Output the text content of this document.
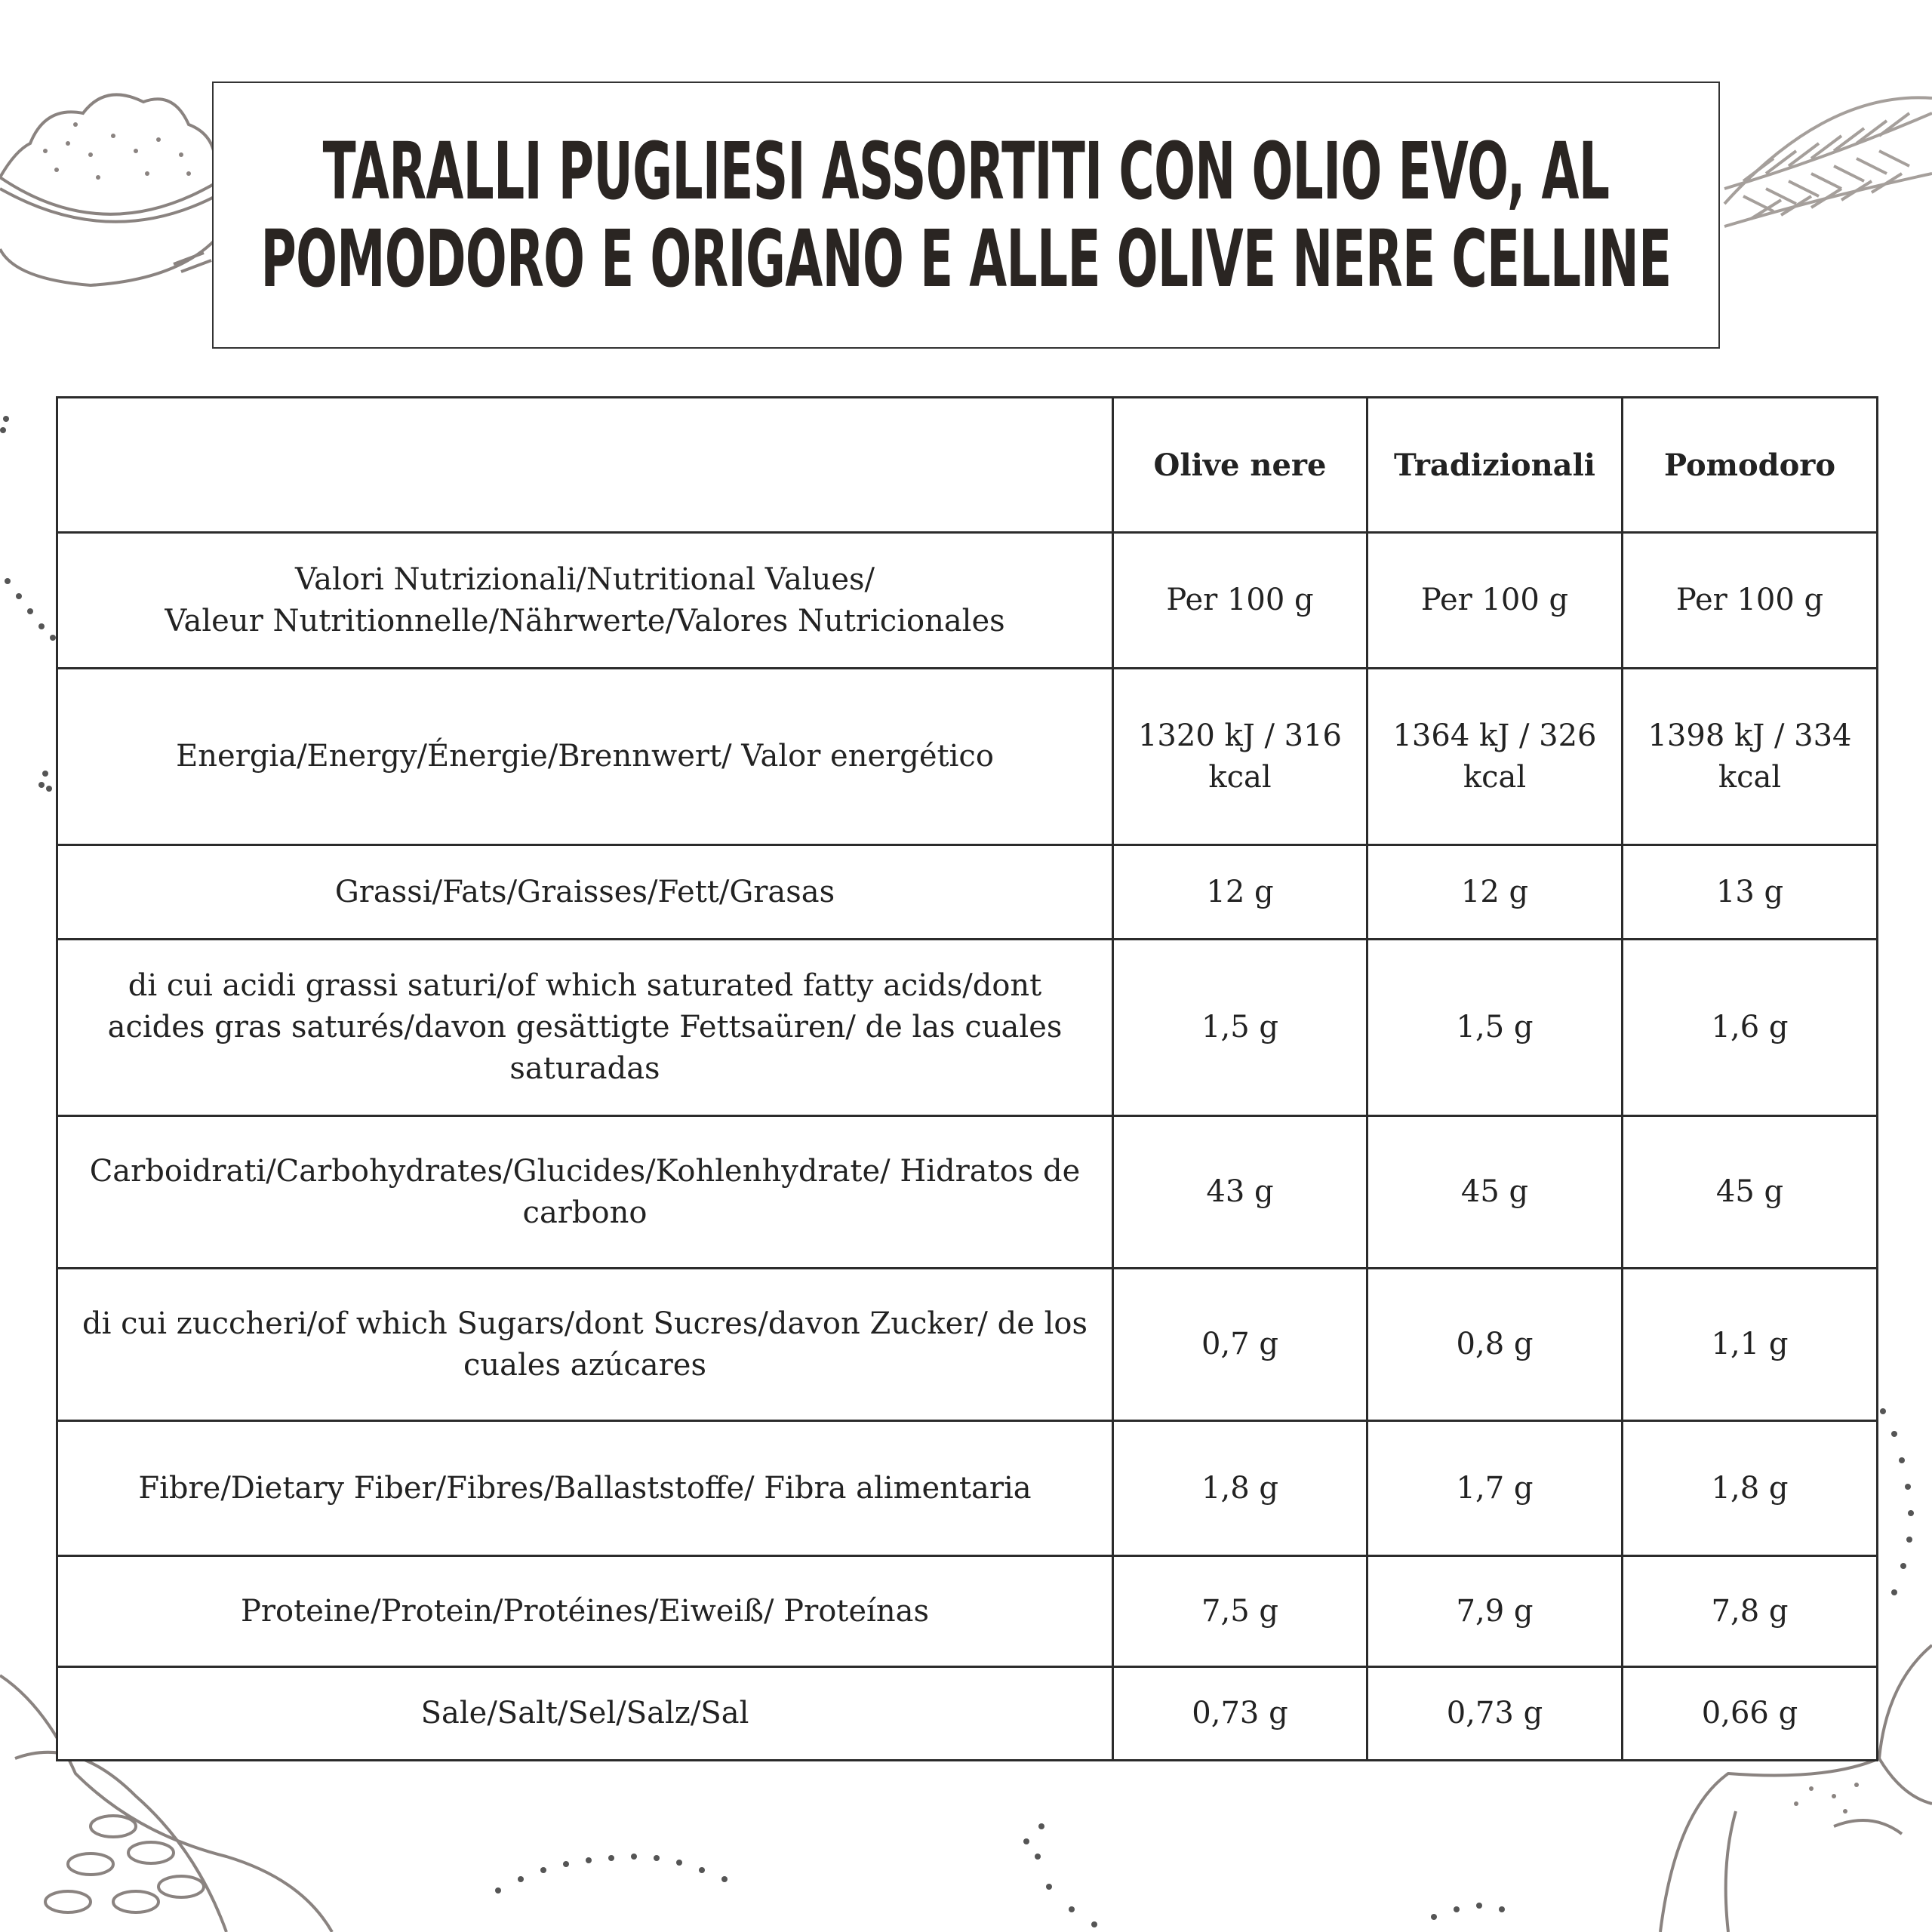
TARALLI PUGLIESI ASSORTITI CON OLIO EVO, AL
POMODORO E ORIGANO E ALLE OLIVE NERE CELLINE
	Olive nere	Tradizionali	Pomodoro
Valori Nutrizionali/Nutritional Values/
Valeur Nutritionnelle/Nährwerte/Valores Nutricionales	Per 100 g	Per 100 g	Per 100 g
Energia/Energy/Énergie/Brennwert/ Valor energético	1320 kJ / 316 kcal	1364 kJ / 326 kcal	1398 kJ / 334 kcal
Grassi/Fats/Graisses/Fett/Grasas	12 g	12 g	13 g
di cui acidi grassi saturi/of which saturated fatty acids/dont acides gras saturés/davon gesättigte Fettsaüren/ de las cuales saturadas	1,5 g	1,5 g	1,6 g
Carboidrati/Carbohydrates/Glucides/Kohlenhydrate/ Hidratos de carbono	43 g	45 g	45 g
di cui zuccheri/of which Sugars/dont Sucres/davon Zucker/ de los cuales azúcares	0,7 g	0,8 g	1,1 g
Fibre/Dietary Fiber/Fibres/Ballaststoffe/ Fibra alimentaria	1,8 g	1,7 g	1,8 g
Proteine/Protein/Protéines/Eiweiß/ Proteínas	7,5 g	7,9 g	7,8 g
Sale/Salt/Sel/Salz/Sal	0,73 g	0,73 g	0,66 g
